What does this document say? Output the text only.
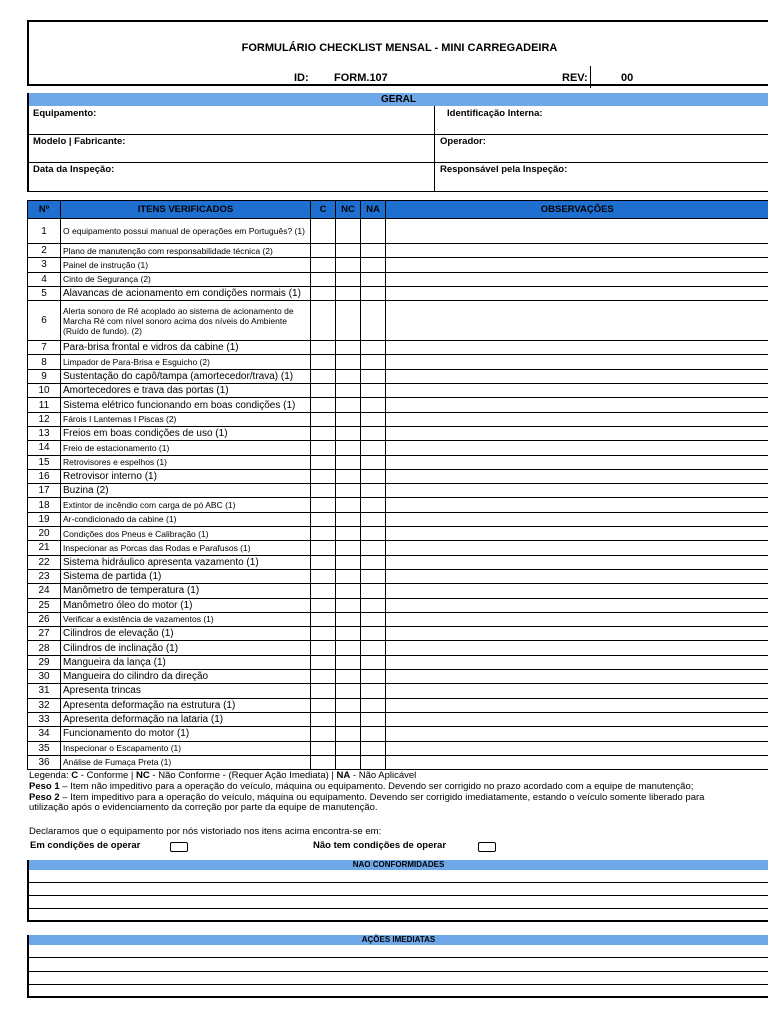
FORMULÁRIO CHECKLIST MENSAL - MINI CARREGADEIRA
ID: FORM.107	REV:	00
GERAL
Equipamento:	Identificação Interna:
Modelo | Fabricante:	Operador:
Data da Inspeção:	Responsável pela Inspeção:
Nº	ITENS VERIFICADOS	C	NC	NA	OBSERVAÇÕES
1	O equipamento possui manual de operações em Português? (1)				
2	Plano de manutenção com responsabilidade técnica (2)				
3	Painel de instrução (1)				
4	Cinto de Segurança (2)				
5	Alavancas de acionamento em condições normais (1)				
6	Alerta sonoro de Ré acoplado ao sistema de acionamento de Marcha Ré com nível sonoro acima dos níveis do Ambiente (Ruído de fundo). (2)				
7	Para-brisa frontal e vidros da cabine (1)				
8	Limpador de Para-Brisa e Esguicho (2)				
9	Sustentação do capô/tampa (amortecedor/trava) (1)				
10	Amortecedores e trava das portas (1)				
11	Sistema elétrico funcionando em boas condições (1)				
12	Fárois I Lanternas I Piscas (2)				
13	Freios em boas condições de uso (1)				
14	Freio de estacionamento (1)				
15	Retrovisores e espelhos (1)				
16	Retrovisor interno (1)				
17	Buzina (2)				
18	Extintor de incêndio com carga de pó ABC (1)				
19	Ar-condicionado da cabine (1)				
20	Condições dos Pneus e Calibração (1)				
21	Inspecionar as Porcas das Rodas e Parafusos (1)				
22	Sistema hidráulico apresenta vazamento (1)				
23	Sistema de partida (1)				
24	Manômetro de temperatura (1)				
25	Manômetro óleo do motor (1)				
26	Verificar a existência de vazamentos (1)				
27	Cilindros de elevação (1)				
28	Cilindros de inclinação (1)				
29	Mangueira da lança (1)				
30	Mangueira do cilindro da direção				
31	Apresenta trincas				
32	Apresenta deformação na estrutura (1)				
33	Apresenta deformação na lataria (1)				
34	Funcionamento do motor (1)				
35	Inspecionar o Escapamento (1)				
36	Análise de Fumaça Preta (1)				
Legenda: C - Conforme | NC - Não Conforme - (Requer Ação Imediata) | NA - Não Aplicável
Peso 1 – Item não impeditivo para a operação do veículo, máquina ou equipamento. Devendo ser corrigido no prazo acordado com a equipe de manutenção;
Peso 2 – Item impeditivo para a operação do veículo, máquina ou equipamento. Devendo ser corrigido imediatamente, estando o veículo somente liberado para
utilização após o evidenciamento da correção por parte da equipe de manutenção.
Declaramos que o equipamento por nós vistoriado nos itens acima encontra-se em:
Em condições de operar	Não tem condições de operar
NAO CONFORMIDADES
AÇÕES IMEDIATAS
